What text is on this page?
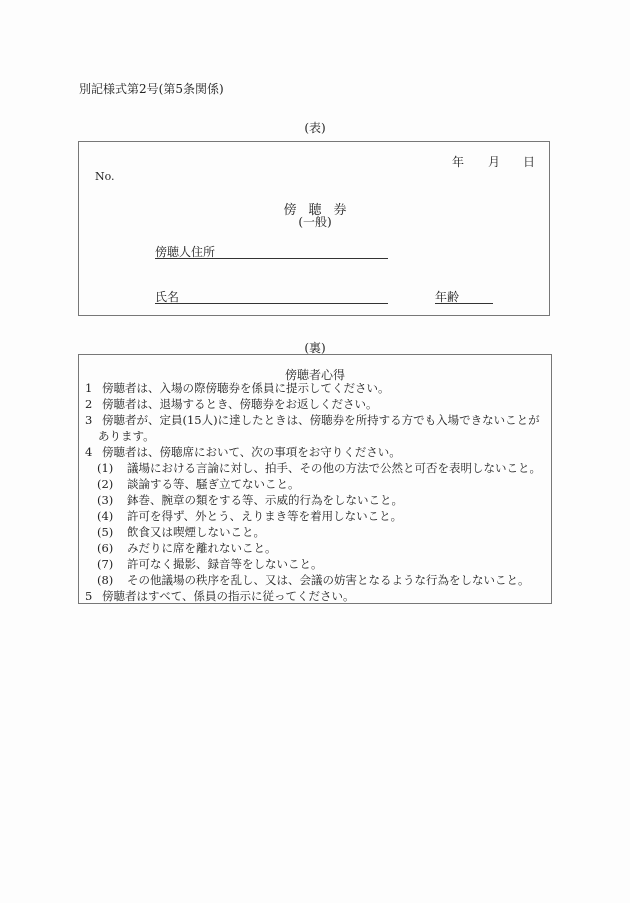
別記様式第2号(第5条関係)
(表)
年 月 日
No.
傍聴券
(一般)
傍聴人住所
氏名	年齢
(裏)
傍聴者心得
1 傍聴者は、入場の際傍聴券を係員に提示してください。
2 傍聴者は、退場するとき、傍聴券をお返しください。
3 傍聴者が、定員(15人)に達したときは、傍聴券を所持する方でも入場できないことが
あります。
4 傍聴者は、傍聴席において、次の事項をお守りください。
(1) 議場における言論に対し、拍手、その他の方法で公然と可否を表明しないこと。
(2) 談論する等、騒ぎ立てないこと。
(3) 鉢巻、腕章の類をする等、示威的行為をしないこと。
(4) 許可を得ず、外とう、えりまき等を着用しないこと。
(5) 飲食又は喫煙しないこと。
(6) みだりに席を離れないこと。
(7) 許可なく撮影、録音等をしないこと。
(8) その他議場の秩序を乱し、又は、会議の妨害となるような行為をしないこと。
5 傍聴者はすべて、係員の指示に従ってください。
